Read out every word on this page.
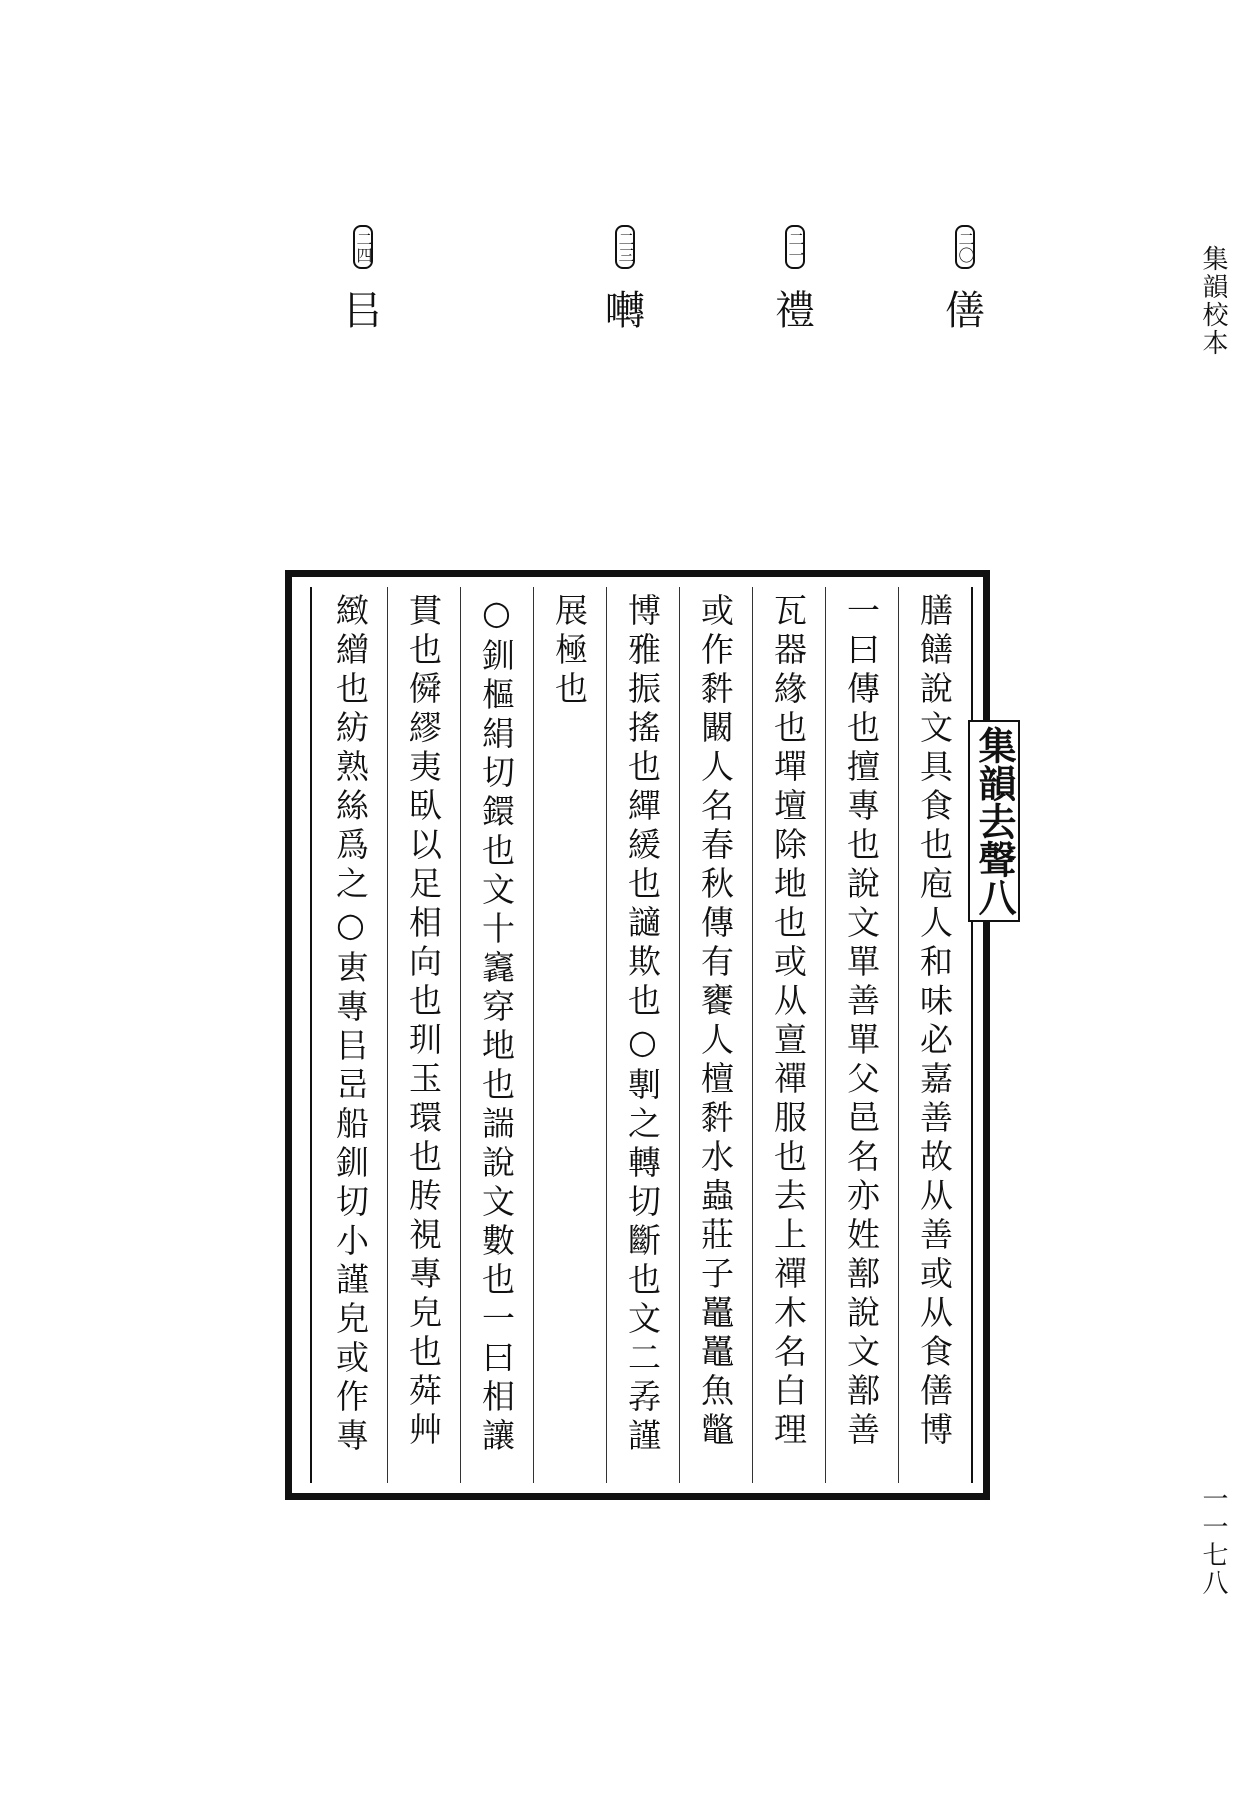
集韻校本
一一七八
二〇
僐
二一
禮
二三
囀
二四
㠯
膳饍說文具食也庖人和味必嘉善故从善或从食僐博
一曰傳也擅專也說文單善單父邑名亦姓鄯說文鄯善
瓦器緣也墠壇除地也或从亶禪服也去上禪木名白理
或作䵓闞人名春秋傳有饔人檀䵓水蟲莊子鼉鼉魚鼈
博雅振搖也繟緩也讁欺也○剸之轉切斷也文二孨謹
展極也
○釧樞絹切鐶也文十竁穿地也諯說文數也一曰相讓
貫也僢繆夷臥以足相向也玔玉環也䏝視專皃也荈艸
緻繒也紡熟絲爲之○叀專㠯㞯船釧切小謹皃或作專
集韻去聲八
